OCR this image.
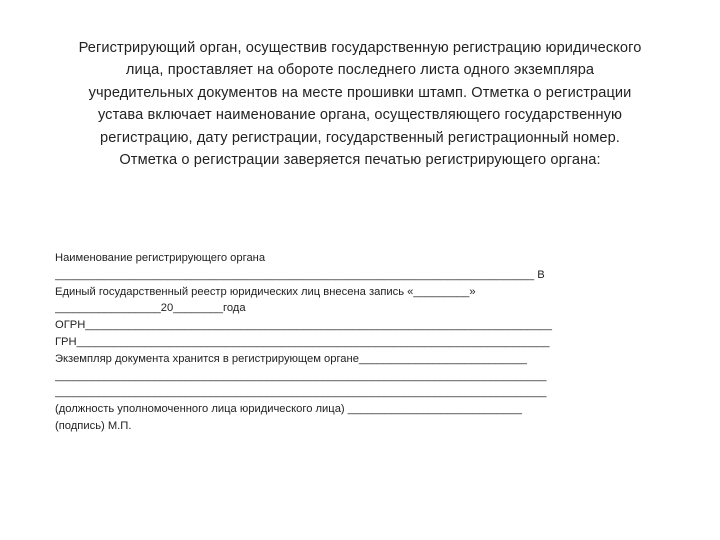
Регистрирующий орган, осуществив государственную регистрацию юридического
лица, проставляет на обороте последнего листа одного экземпляра
учредительных документов на месте прошивки штамп. Отметка о регистрации
устава включает наименование органа, осуществляющего государственную
регистрацию, дату регистрации, государственный регистрационный номер.
Отметка о регистрации заверяется печатью регистрирующего органа:
Наименование регистрирующего органа
_____________________________________________________________________________ В
Единый государственный реестр юридических лиц внесена запись «_________»
_________________20________года
ОГРН___________________________________________________________________________
ГРН____________________________________________________________________________
Экземпляр документа хранится в регистрирующем органе___________________________
_______________________________________________________________________________
_______________________________________________________________________________
(должность уполномоченного лица юридического лица) ____________________________
(подпись) М.П.
